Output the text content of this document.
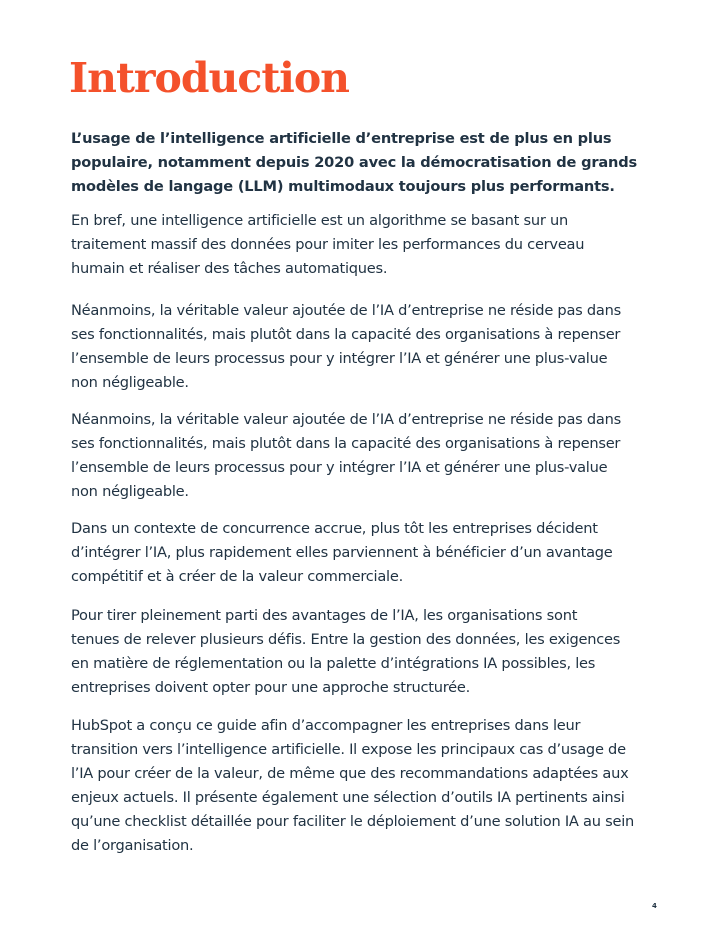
Introduction

L’usage de l’intelligence artificielle d’entreprise est de plus en plus
populaire, notamment depuis 2020 avec la démocratisation de grands
modèles de langage (LLM) multimodaux toujours plus performants.

En bref, une intelligence artificielle est un algorithme se basant sur un
traitement massif des données pour imiter les performances du cerveau
humain et réaliser des tâches automatiques.

Néanmoins, la véritable valeur ajoutée de l’IA d’entreprise ne réside pas dans
ses fonctionnalités, mais plutôt dans la capacité des organisations à repenser
l’ensemble de leurs processus pour y intégrer l’IA et générer une plus-value
non négligeable.

Néanmoins, la véritable valeur ajoutée de l’IA d’entreprise ne réside pas dans
ses fonctionnalités, mais plutôt dans la capacité des organisations à repenser
l’ensemble de leurs processus pour y intégrer l’IA et générer une plus-value
non négligeable.

Dans un contexte de concurrence accrue, plus tôt les entreprises décident
d’intégrer l’IA, plus rapidement elles parviennent à bénéficier d’un avantage
compétitif et à créer de la valeur commerciale.

Pour tirer pleinement parti des avantages de l’IA, les organisations sont
tenues de relever plusieurs défis. Entre la gestion des données, les exigences
en matière de réglementation ou la palette d’intégrations IA possibles, les
entreprises doivent opter pour une approche structurée.

HubSpot a conçu ce guide afin d’accompagner les entreprises dans leur
transition vers l’intelligence artificielle. Il expose les principaux cas d’usage de
l’IA pour créer de la valeur, de même que des recommandations adaptées aux
enjeux actuels. Il présente également une sélection d’outils IA pertinents ainsi
qu’une checklist détaillée pour faciliter le déploiement d’une solution IA au sein
de l’organisation.

4
